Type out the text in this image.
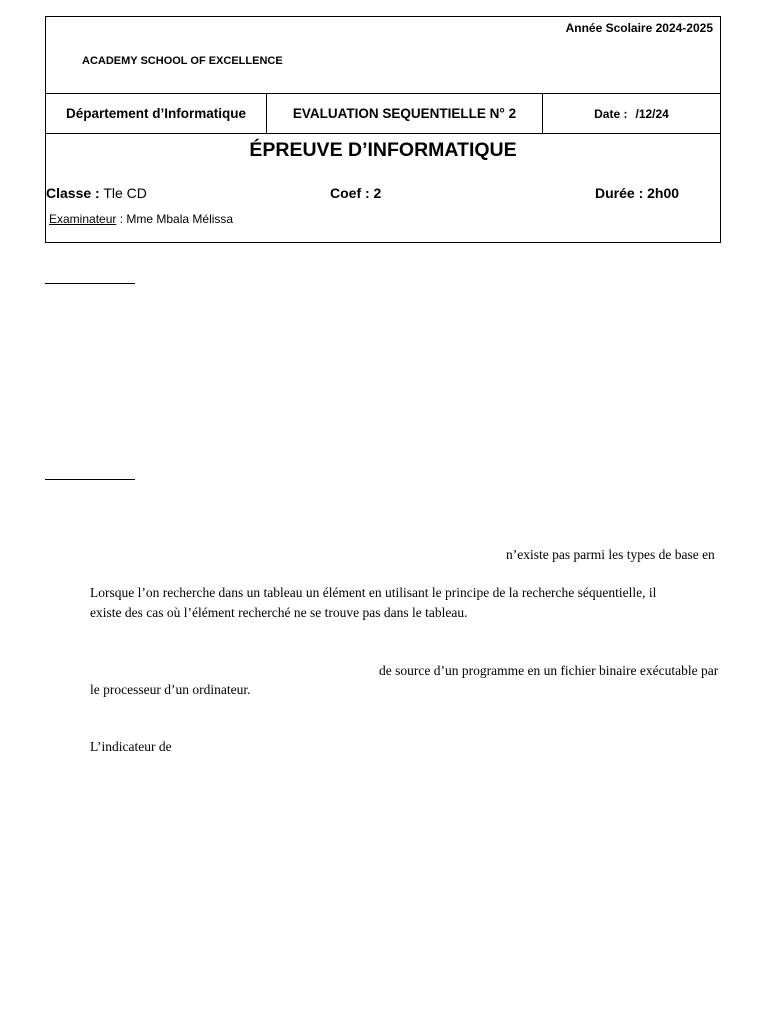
Année Scolaire 2024-2025
ACADEMY SCHOOL OF EXCELLENCE
Département d’Informatique	EVALUATION SEQUENTIELLE N° 2	Date : /12/24
ÉPREUVE D’INFORMATIQUE
Classe : Tle CD	Coef : 2	Durée : 2h00
Examinateur : Mme Mbala Mélissa
n’existe pas parmi les types de base en
Lorsque l’on recherche dans un tableau un élément en utilisant le principe de la recherche séquentielle, il
existe des cas où l’élément recherché ne se trouve pas dans le tableau.
de source d’un programme en un fichier binaire exécutable par
le processeur d’un ordinateur.
L’indicateur de
